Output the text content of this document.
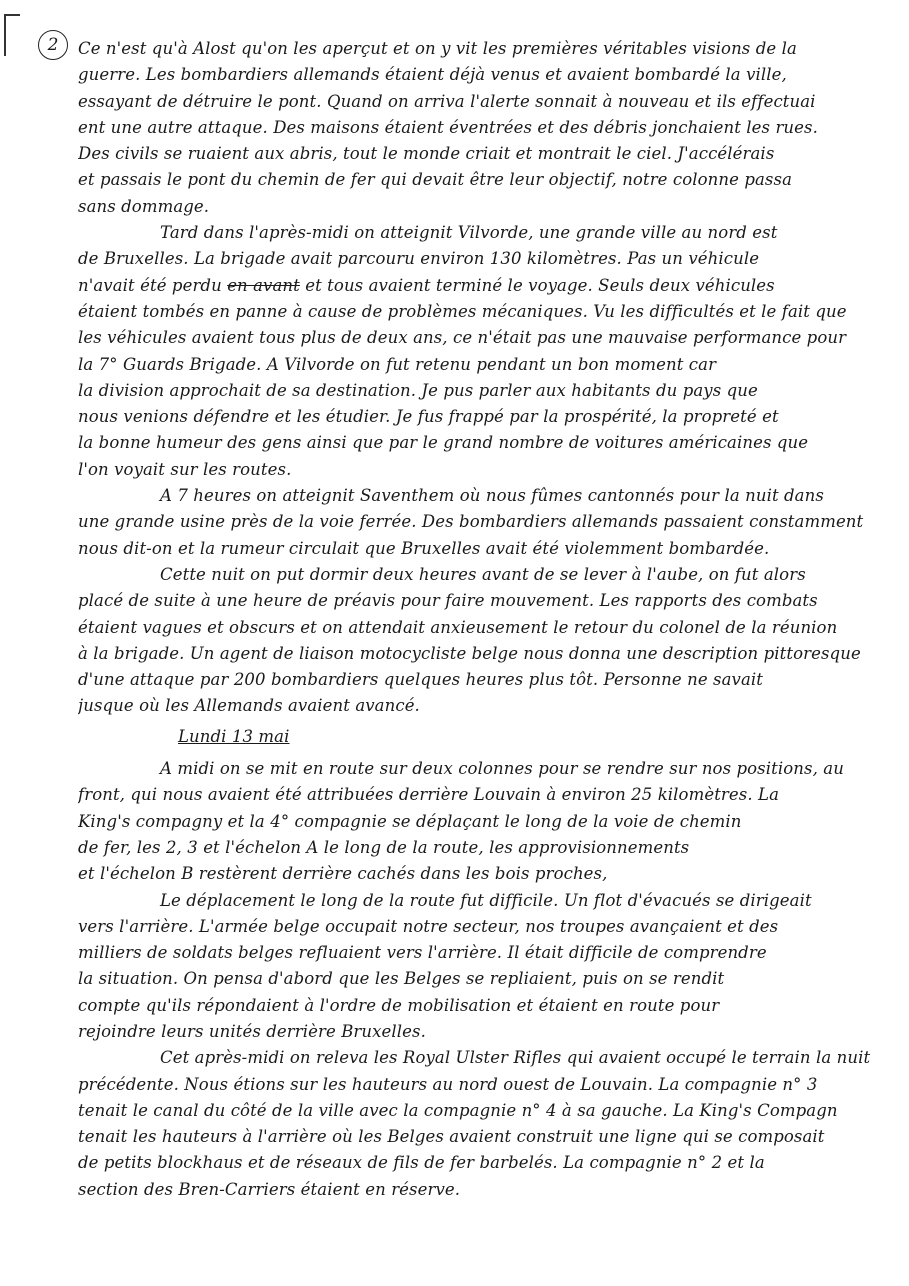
2	Ce n'est qu'à Alost qu'on les aperçut et on y vit les premières véritables visions de la
guerre. Les bombardiers allemands étaient déjà venus et avaient bombardé la ville,
essayant de détruire le pont. Quand on arriva l'alerte sonnait à nouveau et ils effectuai
ent une autre attaque. Des maisons étaient éventrées et des débris jonchaient les rues.
Des civils se ruaient aux abris, tout le monde criait et montrait le ciel. J'accélérais
et passais le pont du chemin de fer qui devait être leur objectif, notre colonne passa
sans dommage.
Tard dans l'après-midi on atteignit Vilvorde, une grande ville au nord est
de Bruxelles. La brigade avait parcouru environ 130 kilomètres. Pas un véhicule
n'avait été perdu en avant et tous avaient terminé le voyage. Seuls deux véhicules
étaient tombés en panne à cause de problèmes mécaniques. Vu les difficultés et le fait que
les véhicules avaient tous plus de deux ans, ce n'était pas une mauvaise performance pour
la 7° Guards Brigade. A Vilvorde on fut retenu pendant un bon moment car
la division approchait de sa destination. Je pus parler aux habitants du pays que
nous venions défendre et les étudier. Je fus frappé par la prospérité, la propreté et
la bonne humeur des gens ainsi que par le grand nombre de voitures américaines que
l'on voyait sur les routes.
A 7 heures on atteignit Saventhem où nous fûmes cantonnés pour la nuit dans
une grande usine près de la voie ferrée. Des bombardiers allemands passaient constamment
nous dit-on et la rumeur circulait que Bruxelles avait été violemment bombardée.
Cette nuit on put dormir deux heures avant de se lever à l'aube, on fut alors
placé de suite à une heure de préavis pour faire mouvement. Les rapports des combats
étaient vagues et obscurs et on attendait anxieusement le retour du colonel de la réunion
à la brigade. Un agent de liaison motocycliste belge nous donna une description pittoresque
d'une attaque par 200 bombardiers quelques heures plus tôt. Personne ne savait
jusque où les Allemands avaient avancé.
Lundi 13 mai
A midi on se mit en route sur deux colonnes pour se rendre sur nos positions, au
front, qui nous avaient été attribuées derrière Louvain à environ 25 kilomètres. La
King's compagny et la 4° compagnie se déplaçant le long de la voie de chemin
de fer, les 2, 3 et l'échelon A le long de la route, les approvisionnements
et l'échelon B restèrent derrière cachés dans les bois proches,
Le déplacement le long de la route fut difficile. Un flot d'évacués se dirigeait
vers l'arrière. L'armée belge occupait notre secteur, nos troupes avançaient et des
milliers de soldats belges refluaient vers l'arrière. Il était difficile de comprendre
la situation. On pensa d'abord que les Belges se repliaient, puis on se rendit
compte qu'ils répondaient à l'ordre de mobilisation et étaient en route pour
rejoindre leurs unités derrière Bruxelles.
Cet après-midi on releva les Royal Ulster Rifles qui avaient occupé le terrain la nuit
précédente. Nous étions sur les hauteurs au nord ouest de Louvain. La compagnie n° 3
tenait le canal du côté de la ville avec la compagnie n° 4 à sa gauche. La King's Compagn
tenait les hauteurs à l'arrière où les Belges avaient construit une ligne qui se composait
de petits blockhaus et de réseaux de fils de fer barbelés. La compagnie n° 2 et la
section des Bren-Carriers étaient en réserve.
